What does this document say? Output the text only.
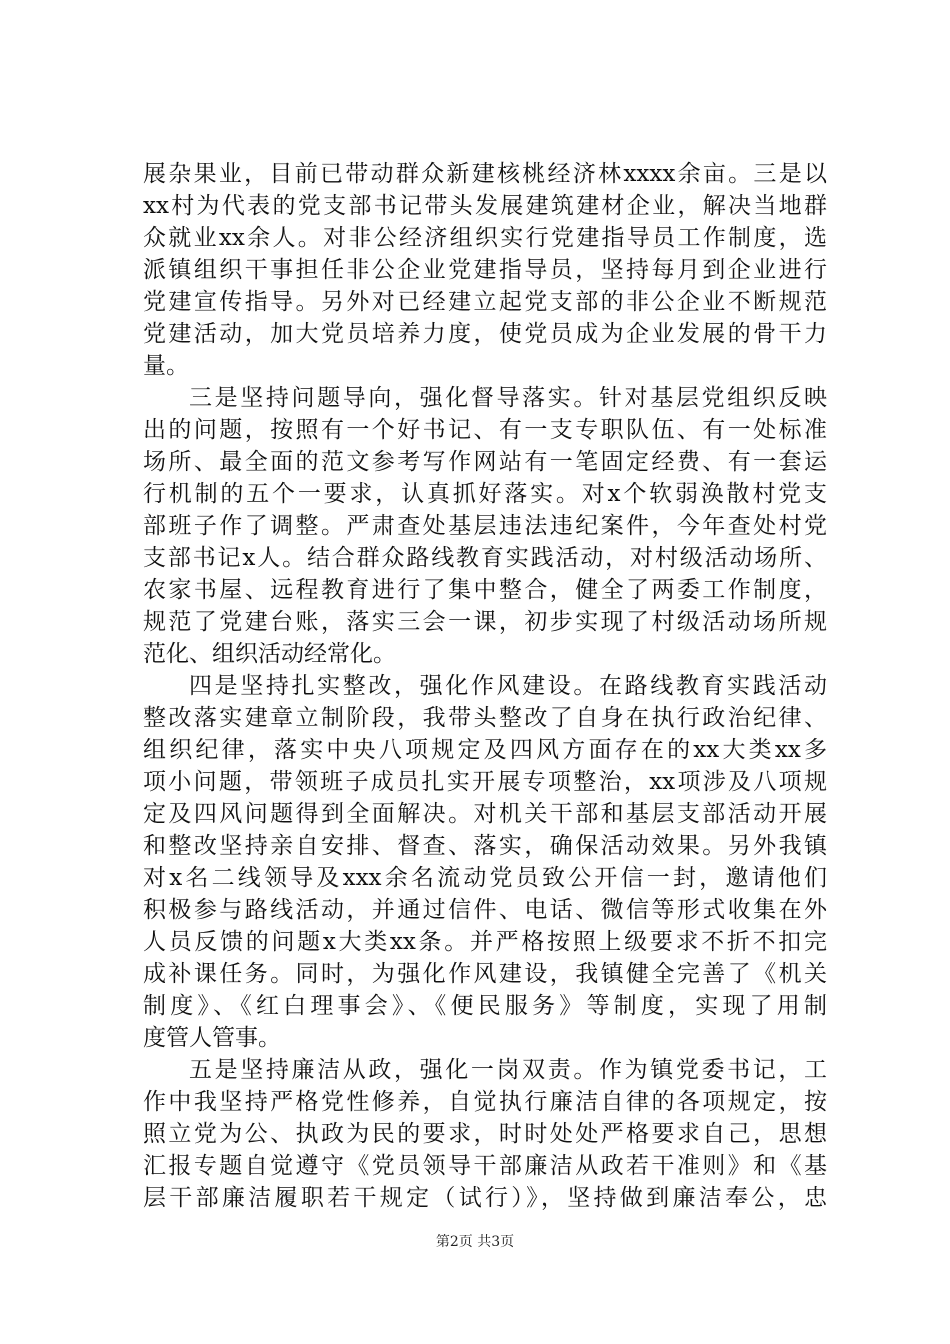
展杂果业，目前已带动群众新建核桃经济林xxxx余亩。三是以
xx村为代表的党支部书记带头发展建筑建材企业，解决当地群
众就业xx余人。对非公经济组织实行党建指导员工作制度，选
派镇组织干事担任非公企业党建指导员，坚持每月到企业进行
党建宣传指导。另外对已经建立起党支部的非公企业不断规范
党建活动，加大党员培养力度，使党员成为企业发展的骨干力
量。
三是坚持问题导向，强化督导落实。针对基层党组织反映
出的问题，按照有一个好书记、有一支专职队伍、有一处标准
场所、最全面的范文参考写作网站有一笔固定经费、有一套运
行机制的五个一要求，认真抓好落实。对x个软弱涣散村党支
部班子作了调整。严肃查处基层违法违纪案件，今年查处村党
支部书记x人。结合群众路线教育实践活动，对村级活动场所、
农家书屋、远程教育进行了集中整合，健全了两委工作制度，
规范了党建台账，落实三会一课，初步实现了村级活动场所规
范化、组织活动经常化。
四是坚持扎实整改，强化作风建设。在路线教育实践活动
整改落实建章立制阶段，我带头整改了自身在执行政治纪律、
组织纪律，落实中央八项规定及四风方面存在的xx大类xx多
项小问题，带领班子成员扎实开展专项整治，xx项涉及八项规
定及四风问题得到全面解决。对机关干部和基层支部活动开展
和整改坚持亲自安排、督查、落实，确保活动效果。另外我镇
对x名二线领导及xxx余名流动党员致公开信一封，邀请他们
积极参与路线活动，并通过信件、电话、微信等形式收集在外
人员反馈的问题x大类xx条。并严格按照上级要求不折不扣完
成补课任务。同时，为强化作风建设，我镇健全完善了《机关
制度》、《红白理事会》、《便民服务》等制度，实现了用制
度管人管事。
五是坚持廉洁从政，强化一岗双责。作为镇党委书记，工
作中我坚持严格党性修养，自觉执行廉洁自律的各项规定，按
照立党为公、执政为民的要求，时时处处严格要求自己，思想
汇报专题自觉遵守《党员领导干部廉洁从政若干准则》和《基
层干部廉洁履职若干规定（试行）》，坚持做到廉洁奉公，忠
第2页 共3页
